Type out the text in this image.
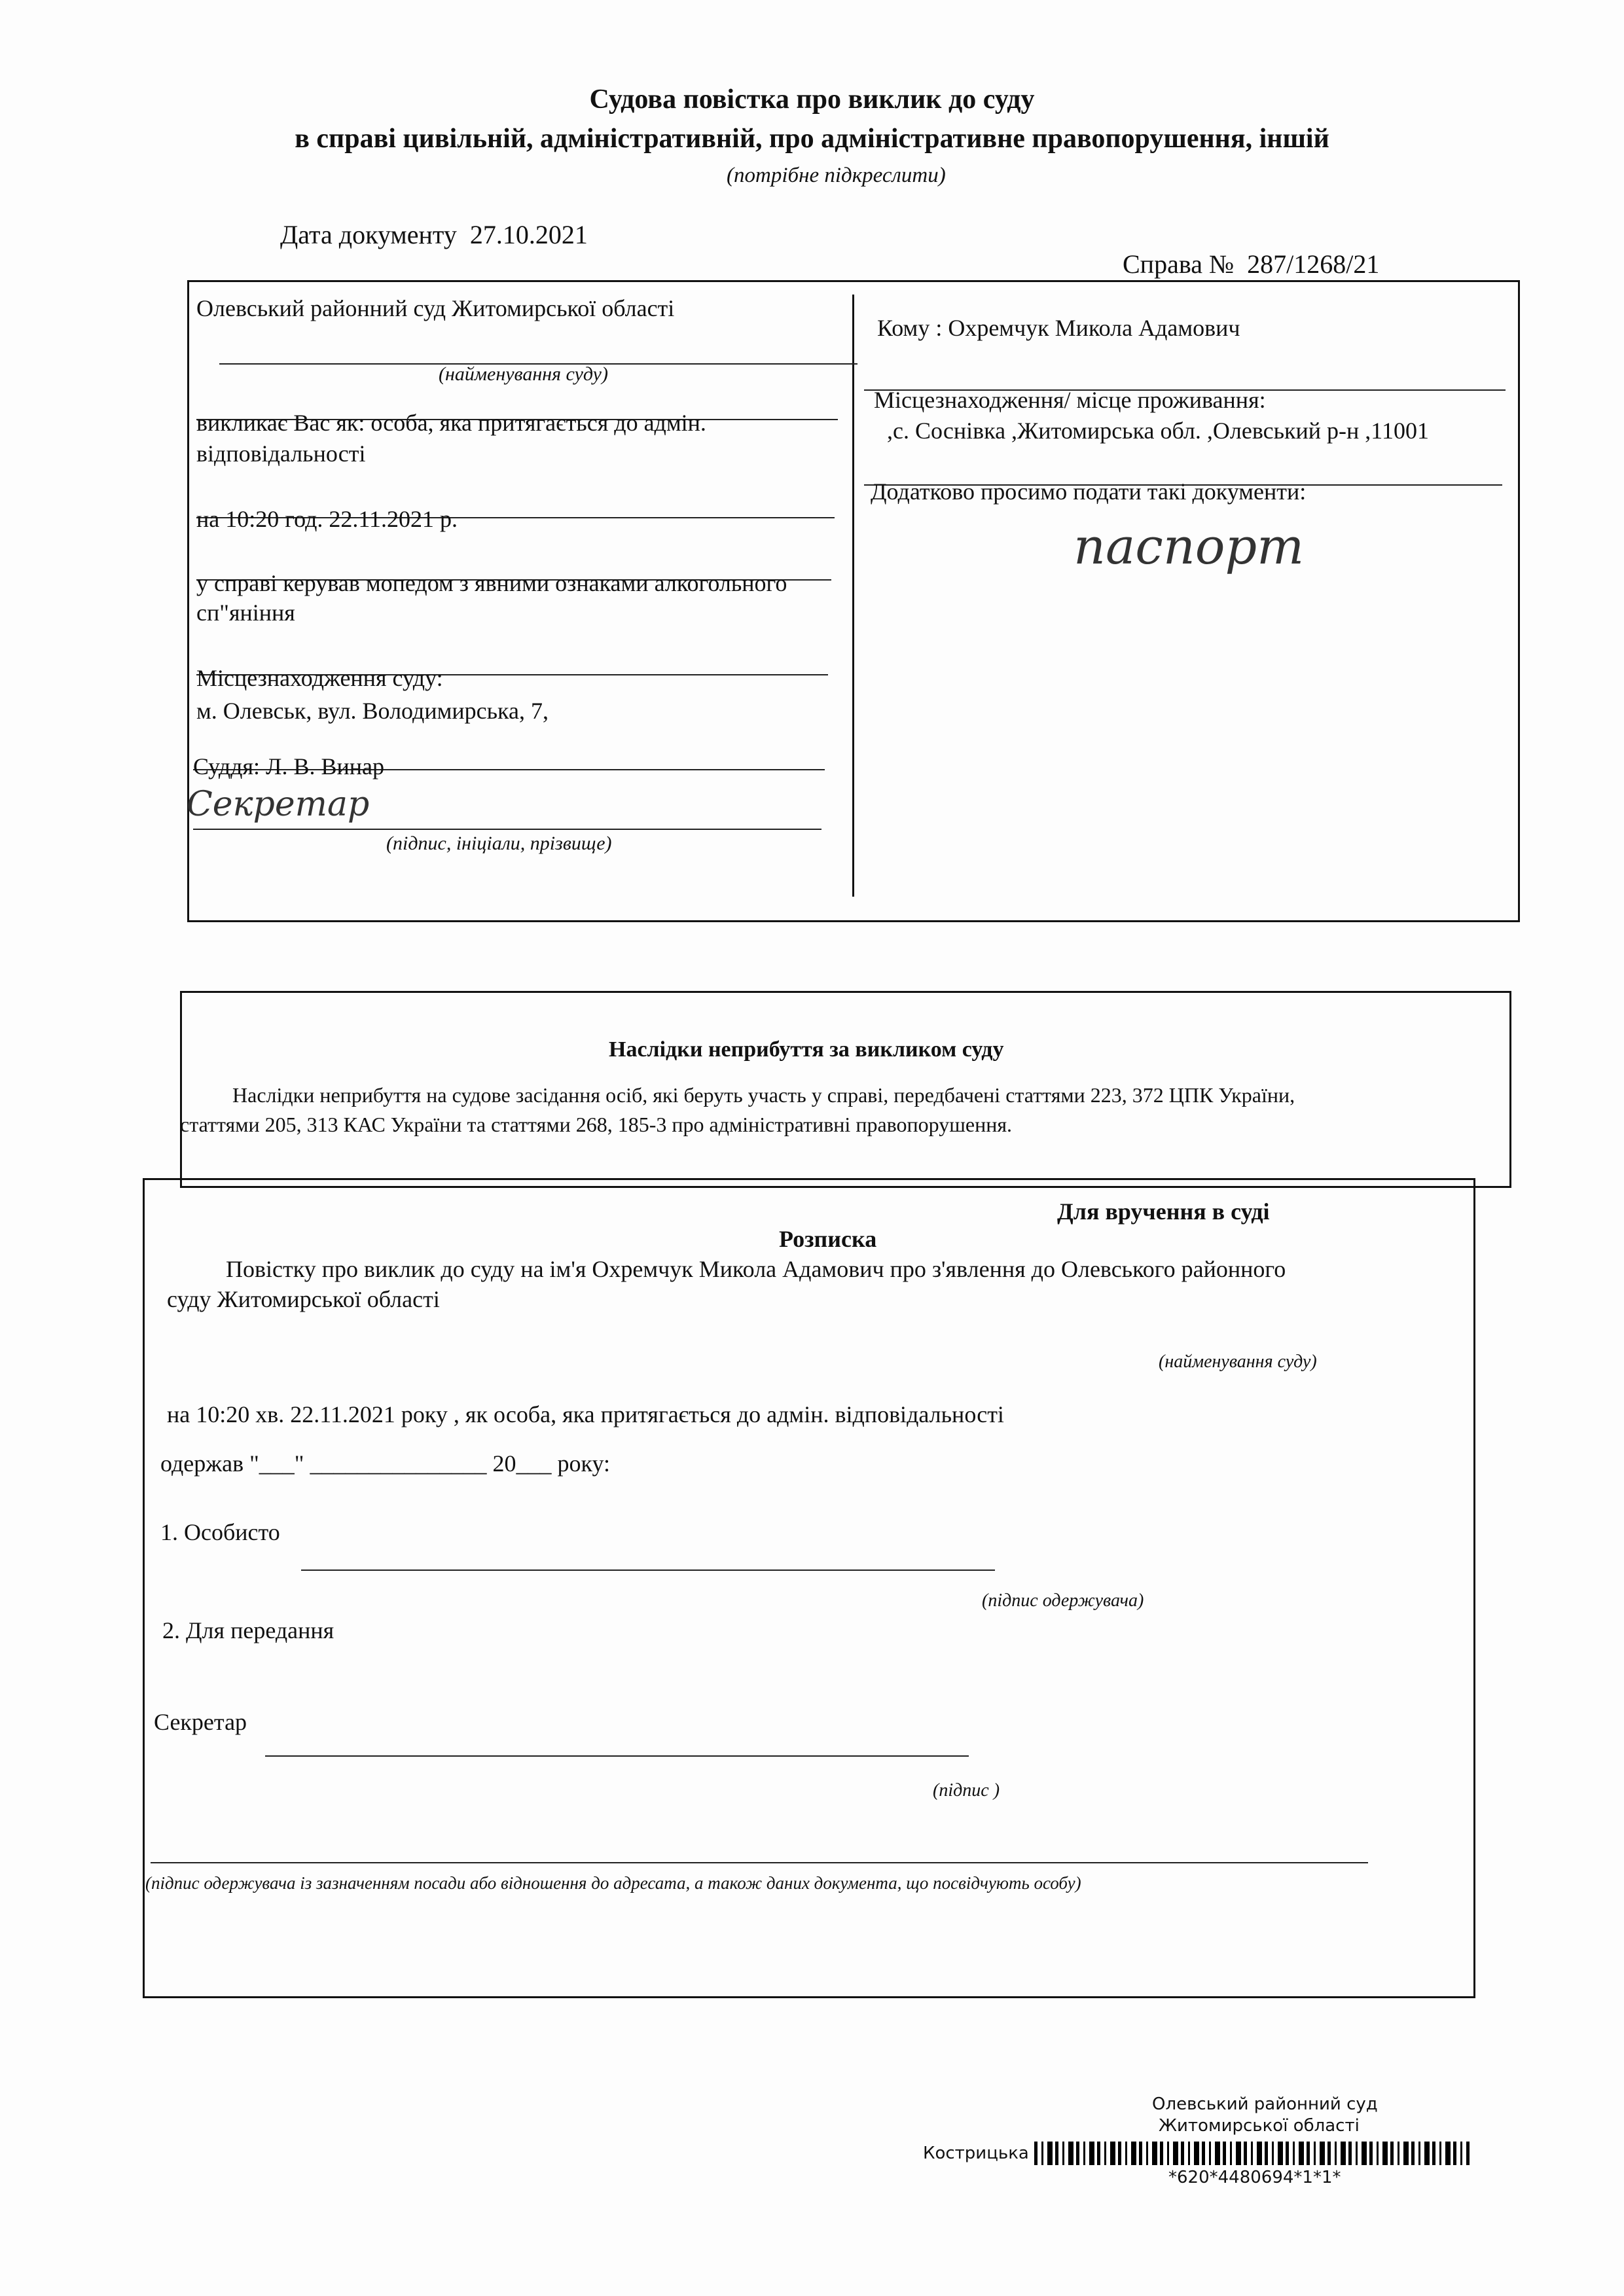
Судова повістка про виклик до суду
в справі цивільній, адміністративній, про адміністративне правопорушення, іншій
(потрібне підкреслити)
Дата документу 27.10.2021
Справа № 287/1268/21
Олевський районний суд Житомирської області
(найменування суду)
викликає Вас як: особа, яка притягається до адмін.
відповідальності
на 10:20 год. 22.11.2021 р.
у справі керував мопедом з явними ознаками алкогольного
сп"яніння
Місцезнаходження суду:
м. Олевськ, вул. Володимирська, 7,
Суддя: Л. В. Винар
Секретар
(підпис, ініціали, прізвище)
Кому : Охремчук Микола Адамович
Місцезнаходження/ місце проживання:
,с. Соснівка ,Житомирська обл. ,Олевський р-н ,11001
Додатково просимо подати такі документи:
паспорт
Наслідки неприбуття за викликом суду
Наслідки неприбуття на судове засідання осіб, які беруть участь у справі, передбачені статтями 223, 372 ЦПК України,
статтями 205, 313 КАС України та статтями 268, 185-3 про адміністративні правопорушення.
Для вручення в суді
Розписка
Повістку про виклик до суду на ім'я Охремчук Микола Адамович про з'явлення до Олевського районного
суду Житомирської області
(найменування суду)
на 10:20 хв. 22.11.2021 року , як особа, яка притягається до адмін. відповідальності
одержав "___" _______________ 20___ року:
1. Особисто
(підпис одержувача)
2. Для передання
Секретар
(підпис )
(підпис одержувача із зазначенням посади або відношення до адресата, а також даних документа, що посвідчують особу)
Олевський районний суд
Житомирської області
Кострицька
*620*4480694*1*1*
